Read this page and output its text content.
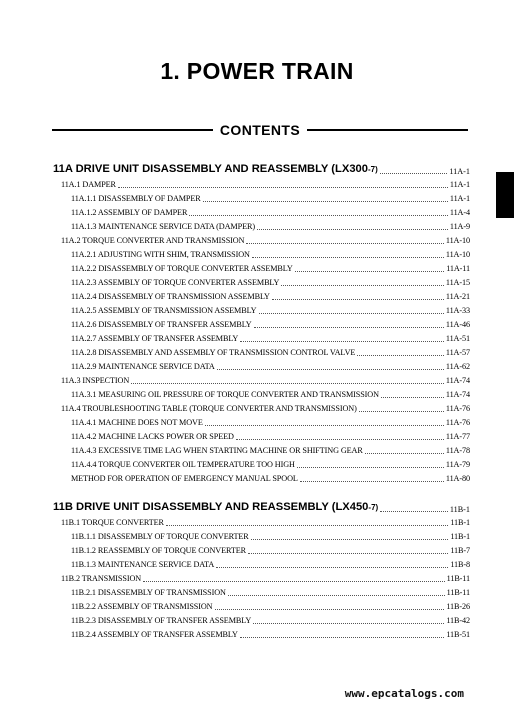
1. POWER TRAIN
CONTENTS
11A DRIVE UNIT DISASSEMBLY AND REASSEMBLY (LX300-7)	11A-1
11A.1 DAMPER	11A-1
11A.1.1 DISASSEMBLY OF DAMPER	11A-1
11A.1.2 ASSEMBLY OF DAMPER	11A-4
11A.1.3 MAINTENANCE SERVICE DATA (DAMPER)	11A-9
11A.2 TORQUE CONVERTER AND TRANSMISSION	11A-10
11A.2.1 ADJUSTING WITH SHIM, TRANSMISSION	11A-10
11A.2.2 DISASSEMBLY OF TORQUE CONVERTER ASSEMBLY	11A-11
11A.2.3 ASSEMBLY OF TORQUE CONVERTER ASSEMBLY	11A-15
11A.2.4 DISASSEMBLY OF TRANSMISSION ASSEMBLY	11A-21
11A.2.5 ASSEMBLY OF TRANSMISSION ASSEMBLY	11A-33
11A.2.6 DISASSEMBLY OF TRANSFER ASSEMBLY	11A-46
11A.2.7 ASSEMBLY OF TRANSFER ASSEMBLY	11A-51
11A.2.8 DISASSEMBLY AND ASSEMBLY OF TRANSMISSION CONTROL VALVE	11A-57
11A.2.9 MAINTENANCE SERVICE DATA	11A-62
11A.3 INSPECTION	11A-74
11A.3.1 MEASURING OIL PRESSURE OF TORQUE CONVERTER AND TRANSMISSION	11A-74
11A.4 TROUBLESHOOTING TABLE (TORQUE CONVERTER AND TRANSMISSION)	11A-76
11A.4.1 MACHINE DOES NOT MOVE	11A-76
11A.4.2 MACHINE LACKS POWER OR SPEED	11A-77
11A.4.3 EXCESSIVE TIME LAG WHEN STARTING MACHINE OR SHIFTING GEAR	11A-78
11A.4.4 TORQUE CONVERTER OIL TEMPERATURE TOO HIGH	11A-79
METHOD FOR OPERATION OF EMERGENCY MANUAL SPOOL	11A-80
11B DRIVE UNIT DISASSEMBLY AND REASSEMBLY (LX450-7)	11B-1
11B.1 TORQUE CONVERTER	11B-1
11B.1.1 DISASSEMBLY OF TORQUE CONVERTER	11B-1
11B.1.2 REASSEMBLY OF TORQUE CONVERTER	11B-7
11B.1.3 MAINTENANCE SERVICE DATA	11B-8
11B.2 TRANSMISSION	11B-11
11B.2.1 DISASSEMBLY OF TRANSMISSION	11B-11
11B.2.2 ASSEMBLY OF TRANSMISSION	11B-26
11B.2.3 DISASSEMBLY OF TRANSFER ASSEMBLY	11B-42
11B.2.4 ASSEMBLY OF TRANSFER ASSEMBLY	11B-51
www.epcatalogs.com
